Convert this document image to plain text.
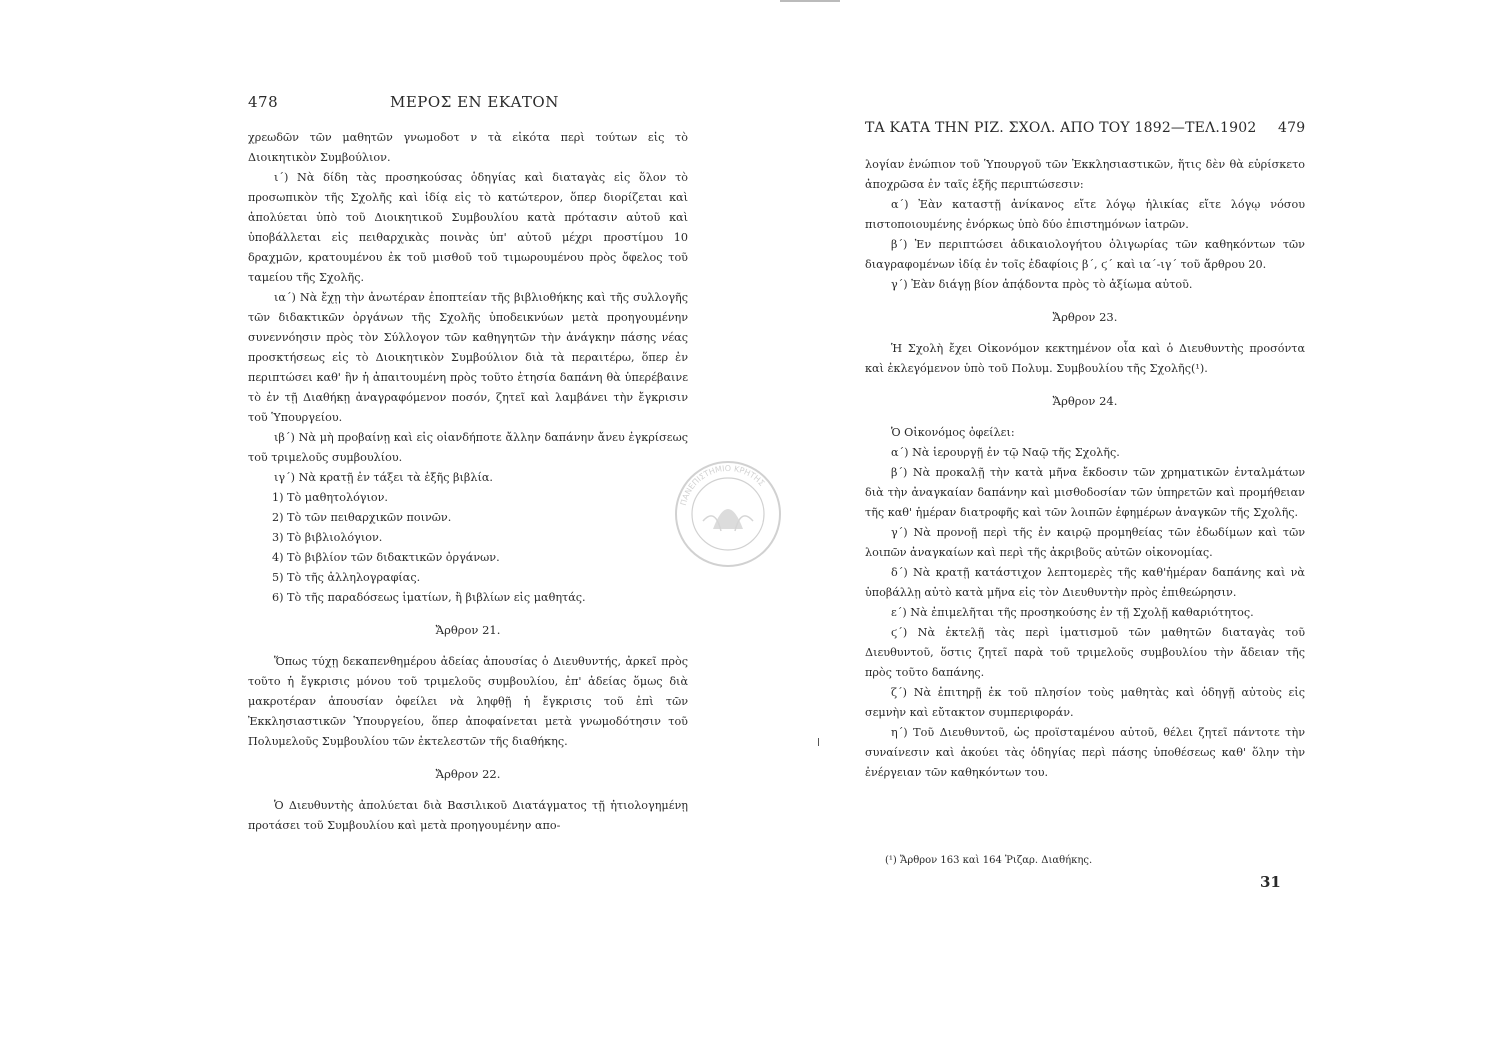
478	ΜΕΡΟΣ ΕΝ ΕΚΑΤΟΝ

χρεωδῶν τῶν μαθητῶν γνωμοδοτ ν τὰ εἰκότα περὶ τούτων εἰς τὸ Διοικητικὸν Συμβούλιον.

ι΄) Νὰ δίδη τὰς προσηκούσας ὁδηγίας καὶ διαταγὰς εἰς ὅλον τὸ προσωπικὸν τῆς Σχολῆς καὶ ἰδίᾳ εἰς τὸ κατώτερον, ὅπερ διορίζεται καὶ ἀπολύεται ὑπὸ τοῦ Διοικητικοῦ Συμβουλίου κατὰ πρότασιν αὐτοῦ καὶ ὑποβάλλεται εἰς πειθαρχικὰς ποινὰς ὑπ' αὐτοῦ μέχρι προστίμου 10 δραχμῶν, κρατουμένου ἐκ τοῦ μισθοῦ τοῦ τιμωρουμένου πρὸς ὄφελος τοῦ ταμείου τῆς Σχολῆς.

ια΄) Νὰ ἔχῃ τὴν ἀνωτέραν ἐποπτείαν τῆς βιβλιοθήκης καὶ τῆς συλλογῆς τῶν διδακτικῶν ὀργάνων τῆς Σχολῆς ὑποδεικνύων μετὰ προηγουμένην συνεννόησιν πρὸς τὸν Σύλλογον τῶν καθηγητῶν τὴν ἀνάγκην πάσης νέας προσκτήσεως εἰς τὸ Διοικητικὸν Συμβούλιον διὰ τὰ περαιτέρω, ὅπερ ἐν περιπτώσει καθ' ἣν ἡ ἀπαιτουμένη πρὸς τοῦτο ἐτησία δαπάνη θὰ ὑπερέβαινε τὸ ἐν τῇ Διαθήκῃ ἀναγραφόμενον ποσόν, ζητεῖ καὶ λαμβάνει τὴν ἔγκρισιν τοῦ Ὑπουργείου.

ιβ΄) Νὰ μὴ προβαίνῃ καὶ εἰς οἱανδήποτε ἄλλην δαπάνην ἄνευ ἐγκρίσεως τοῦ τριμελοῦς συμβουλίου.

ιγ΄) Νὰ κρατῇ ἐν τάξει τὰ ἑξῆς βιβλία.

1) Τὸ μαθητολόγιον.

2) Τὸ τῶν πειθαρχικῶν ποινῶν.

3) Τὸ βιβλιολόγιον.

4) Τὸ βιβλίον τῶν διδακτικῶν ὀργάνων.

5) Τὸ τῆς ἀλληλογραφίας.

6) Τὸ τῆς παραδόσεως ἱματίων, ἢ βιβλίων εἰς μαθητάς.

Ἄρθρον 21.

Ὅπως τύχῃ δεκαπενθημέρου ἀδείας ἀπουσίας ὁ Διευθυντής, ἀρκεῖ πρὸς τοῦτο ἡ ἔγκρισις μόνου τοῦ τριμελοῦς συμβουλίου, ἐπ' ἀδείας ὅμως διὰ μακροτέραν ἀπουσίαν ὀφείλει νὰ ληφθῇ ἡ ἔγκρισις τοῦ ἐπὶ τῶν Ἐκκλησιαστικῶν Ὑπουργείου, ὅπερ ἀποφαίνεται μετὰ γνωμοδότησιν τοῦ Πολυμελοῦς Συμβουλίου τῶν ἐκτελεστῶν τῆς διαθήκης.

Ἄρθρον 22.

Ὁ Διευθυντὴς ἀπολύεται διὰ Βασιλικοῦ Διατάγματος τῇ ἠτιολογημένῃ προτάσει τοῦ Συμβουλίου καὶ μετὰ προηγουμένην απο-

ΠΑΝΕΠΙΣΤΗΜΙΟ ΚΡΗΤΗΣ
ΤΑ ΚΑΤΑ ΤΗΝ ΡΙΖ. ΣΧΟΛ. ΑΠΟ ΤΟΥ 1892—ΤΕΛ.1902 479

λογίαν ἐνώπιον τοῦ Ὑπουργοῦ τῶν Ἐκκλησιαστικῶν, ἥτις δὲν θὰ εὑρίσκετο ἀποχρῶσα ἐν ταῖς ἑξῆς περιπτώσεσιν:

α΄) Ἐὰν καταστῇ ἀνίκανος εἴτε λόγῳ ἡλικίας εἴτε λόγῳ νόσου πιστοποιουμένης ἐνόρκως ὑπὸ δύο ἐπιστημόνων ἰατρῶν.

β΄) Ἐν περιπτώσει ἀδικαιολογήτου ὀλιγωρίας τῶν καθηκόντων τῶν διαγραφομένων ἰδίᾳ ἐν τοῖς ἐδαφίοις β΄, ϛ΄ καὶ ια΄-ιγ΄ τοῦ ἄρθρου 20.

γ΄) Ἐὰν διάγῃ βίον ἀπᾴδοντα πρὸς τὸ ἀξίωμα αὐτοῦ.

Ἄρθρον 23.

Ἡ Σχολὴ ἔχει Οἰκονόμον κεκτημένον οἷα καὶ ὁ Διευθυντὴς προσόντα καὶ ἐκλεγόμενον ὑπὸ τοῦ Πολυμ. Συμβουλίου τῆς Σχολῆς(¹).

Ἄρθρον 24.

Ὁ Οἰκονόμος ὀφείλει:

α΄) Νὰ ἱερουργῇ ἐν τῷ Ναῷ τῆς Σχολῆς.

β΄) Νὰ προκαλῇ τὴν κατὰ μῆνα ἔκδοσιν τῶν χρηματικῶν ἐνταλμάτων διὰ τὴν ἀναγκαίαν δαπάνην καὶ μισθοδοσίαν τῶν ὑπηρετῶν καὶ προμήθειαν τῆς καθ' ἡμέραν διατροφῆς καὶ τῶν λοιπῶν ἐφημέρων ἀναγκῶν τῆς Σχολῆς.

γ΄) Νὰ προνοῇ περὶ τῆς ἐν καιρῷ προμηθείας τῶν ἐδωδίμων καὶ τῶν λοιπῶν ἀναγκαίων καὶ περὶ τῆς ἀκριβοῦς αὐτῶν οἰκονομίας.

δ΄) Νὰ κρατῇ κατάστιχον λεπτομερὲς τῆς καθ'ἡμέραν δαπάνης καὶ νὰ ὑποβάλλῃ αὐτὸ κατὰ μῆνα εἰς τὸν Διευθυντὴν πρὸς ἐπιθεώρησιν.

ε΄) Νὰ ἐπιμελῆται τῆς προσηκούσης ἐν τῇ Σχολῇ καθαριότητος.

ϛ΄) Νὰ ἐκτελῇ τὰς περὶ ἱματισμοῦ τῶν μαθητῶν διαταγὰς τοῦ Διευθυντοῦ, ὅστις ζητεῖ παρὰ τοῦ τριμελοῦς συμβουλίου τὴν ἄδειαν τῆς πρὸς τοῦτο δαπάνης.

ζ΄) Νὰ ἐπιτηρῇ ἐκ τοῦ πλησίον τοὺς μαθητὰς καὶ ὁδηγῇ αὐτοὺς εἰς σεμνὴν καὶ εὔτακτον συμπεριφοράν.

η΄) Τοῦ Διευθυντοῦ, ὡς προϊσταμένου αὐτοῦ, θέλει ζητεῖ πάντοτε τὴν συναίνεσιν καὶ ἀκούει τὰς ὁδηγίας περὶ πάσης ὑποθέσεως καθ' ὅλην τὴν ἐνέργειαν τῶν καθηκόντων του.

(¹) Ἄρθρον 163 καὶ 164 Ῥιζαρ. Διαθήκης.
31
